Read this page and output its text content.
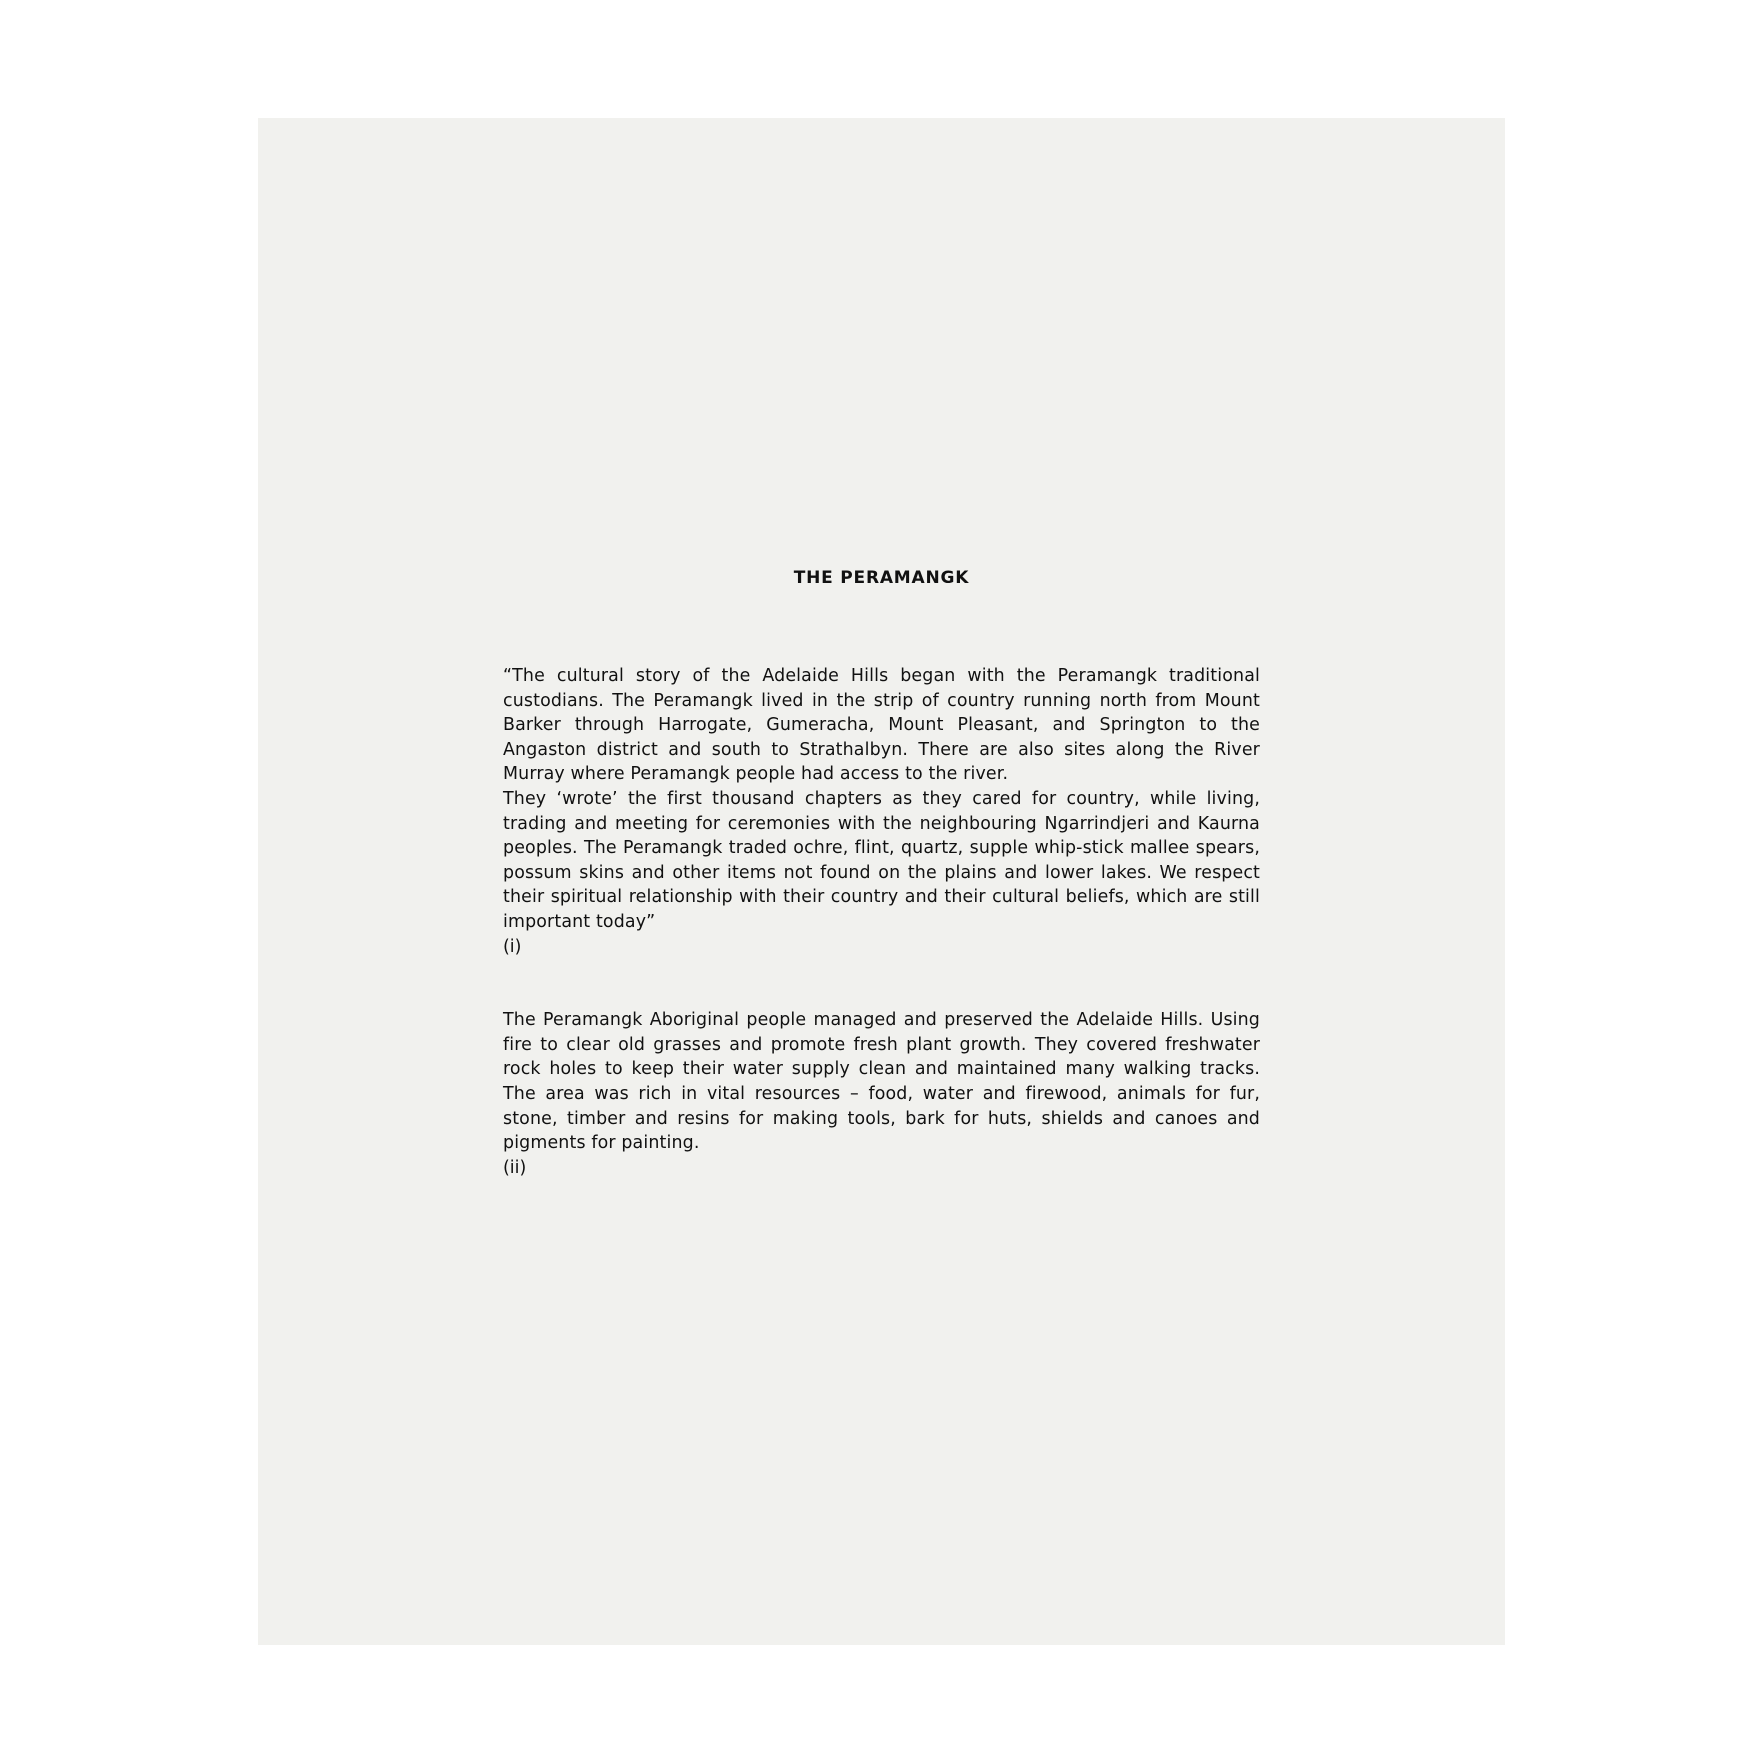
THE PERAMANGK

“The cultural story of the Adelaide Hills began with the Peramangk traditional custodians. The Peramangk lived in the strip of country running north from Mount Barker through Harrogate, Gumeracha, Mount Pleasant, and Springton to the Angaston district and south to Strathalbyn. There are also sites along the River Murray where Peramangk people had access to the river.

They ‘wrote’ the first thousand chapters as they cared for country, while living, trading and meeting for ceremonies with the neighbouring Ngarrindjeri and Kaurna peoples. The Peramangk traded ochre, flint, quartz, supple whip-stick mallee spears, possum skins and other items not found on the plains and lower lakes. We respect their spiritual relationship with their country and their cultural beliefs, which are still important today”

(i)

The Peramangk Aboriginal people managed and preserved the Adelaide Hills. Using fire to clear old grasses and promote fresh plant growth. They covered freshwater rock holes to keep their water supply clean and maintained many walking tracks. The area was rich in vital resources – food, water and firewood, animals for fur, stone, timber and resins for making tools, bark for huts, shields and canoes and pigments for painting.

(ii)
